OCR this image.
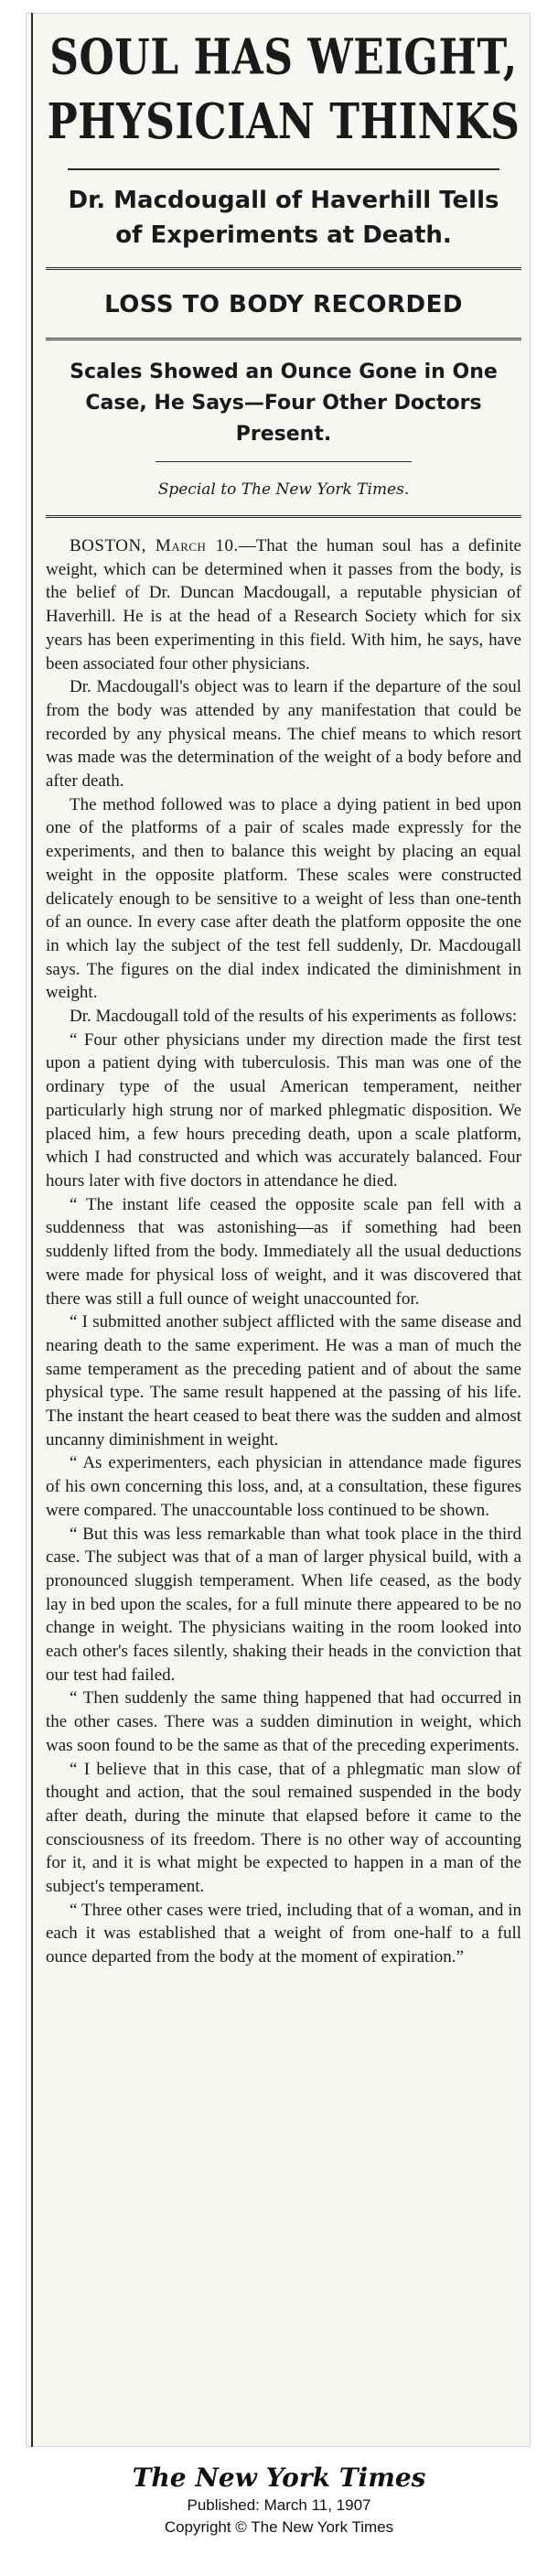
SOUL HAS WEIGHT, PHYSICIAN THINKS
Dr. Macdougall of Haverhill Tells of Experiments at Death.
LOSS TO BODY RECORDED
Scales Showed an Ounce Gone in One Case, He Says—Four Other Doctors Present.
Special to The New York Times.

BOSTON, March 10.—That the human soul has a definite weight, which can be determined when it passes from the body, is the belief of Dr. Duncan Macdougall, a reputable physician of Haverhill. He is at the head of a Research Society which for six years has been experimenting in this field. With him, he says, have been associated four other physicians.

Dr. Macdougall's object was to learn if the departure of the soul from the body was attended by any manifestation that could be recorded by any physical means. The chief means to which resort was made was the determination of the weight of a body before and after death.

The method followed was to place a dying patient in bed upon one of the platforms of a pair of scales made expressly for the experiments, and then to balance this weight by placing an equal weight in the opposite platform. These scales were constructed delicately enough to be sensitive to a weight of less than one-tenth of an ounce. In every case after death the platform opposite the one in which lay the subject of the test fell suddenly, Dr. Macdougall says. The figures on the dial index indicated the diminishment in weight.

Dr. Macdougall told of the results of his experiments as follows:

“ Four other physicians under my direction made the first test upon a patient dying with tuberculosis. This man was one of the ordinary type of the usual American temperament, neither particularly high strung nor of marked phlegmatic disposition. We placed him, a few hours preceding death, upon a scale platform, which I had constructed and which was accurately balanced. Four hours later with five doctors in attendance he died.

“ The instant life ceased the opposite scale pan fell with a suddenness that was astonishing—as if something had been suddenly lifted from the body. Immediately all the usual deductions were made for physical loss of weight, and it was discovered that there was still a full ounce of weight unaccounted for.

“ I submitted another subject afflicted with the same disease and nearing death to the same experiment. He was a man of much the same temperament as the preceding patient and of about the same physical type. The same result happened at the passing of his life. The instant the heart ceased to beat there was the sudden and almost uncanny diminishment in weight.

“ As experimenters, each physician in attendance made figures of his own concerning this loss, and, at a consultation, these figures were compared. The unaccountable loss continued to be shown.

“ But this was less remarkable than what took place in the third case. The subject was that of a man of larger physical build, with a pronounced sluggish temperament. When life ceased, as the body lay in bed upon the scales, for a full minute there appeared to be no change in weight. The physicians waiting in the room looked into each other's faces silently, shaking their heads in the conviction that our test had failed.

“ Then suddenly the same thing happened that had occurred in the other cases. There was a sudden diminution in weight, which was soon found to be the same as that of the preceding experiments.

“ I believe that in this case, that of a phlegmatic man slow of thought and action, that the soul remained suspended in the body after death, during the minute that elapsed before it came to the consciousness of its freedom. There is no other way of accounting for it, and it is what might be expected to happen in a man of the subject's temperament.

“ Three other cases were tried, including that of a woman, and in each it was established that a weight of from one-half to a full ounce departed from the body at the moment of expiration.”

The New York Times
Published: March 11, 1907
Copyright © The New York Times
